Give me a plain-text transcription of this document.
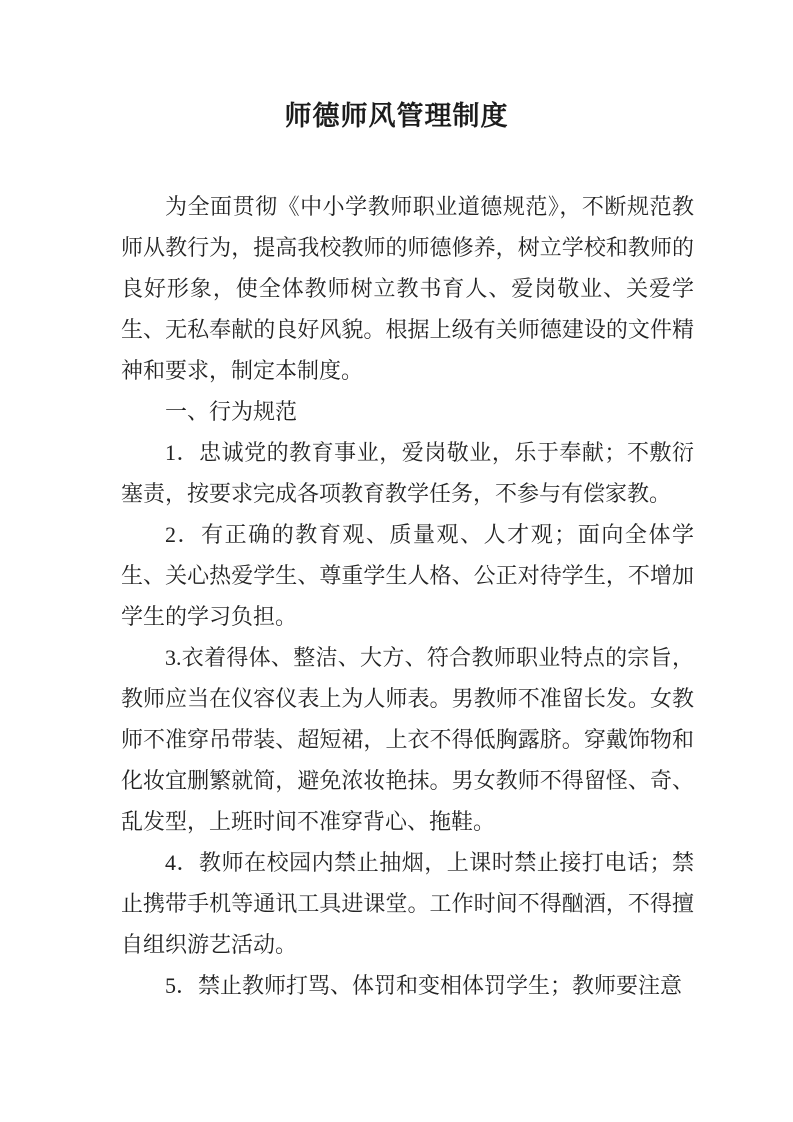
师德师风管理制度
为全面贯彻《中小学教师职业道德规范》，不断规范教师从教行为，提高我校教师的师德修养，树立学校和教师的良好形象，使全体教师树立教书育人、爱岗敬业、关爱学生、无私奉献的良好风貌。根据上级有关师德建设的文件精神和要求，制定本制度。
一、行为规范
1．忠诚党的教育事业，爱岗敬业，乐于奉献；不敷衍塞责，按要求完成各项教育教学任务，不参与有偿家教。
2．有正确的教育观、质量观、人才观；面向全体学生、关心热爱学生、尊重学生人格、公正对待学生，不增加学生的学习负担。
3.衣着得体、整洁、大方、符合教师职业特点的宗旨，教师应当在仪容仪表上为人师表。男教师不准留长发。女教师不准穿吊带装、超短裙，上衣不得低胸露脐。穿戴饰物和化妆宜删繁就简，避免浓妆艳抹。男女教师不得留怪、奇、乱发型，上班时间不准穿背心、拖鞋。
4．教师在校园内禁止抽烟，上课时禁止接打电话；禁止携带手机等通讯工具进课堂。工作时间不得酗酒，不得擅自组织游艺活动。
5．禁止教师打骂、体罚和变相体罚学生；教师要注意
